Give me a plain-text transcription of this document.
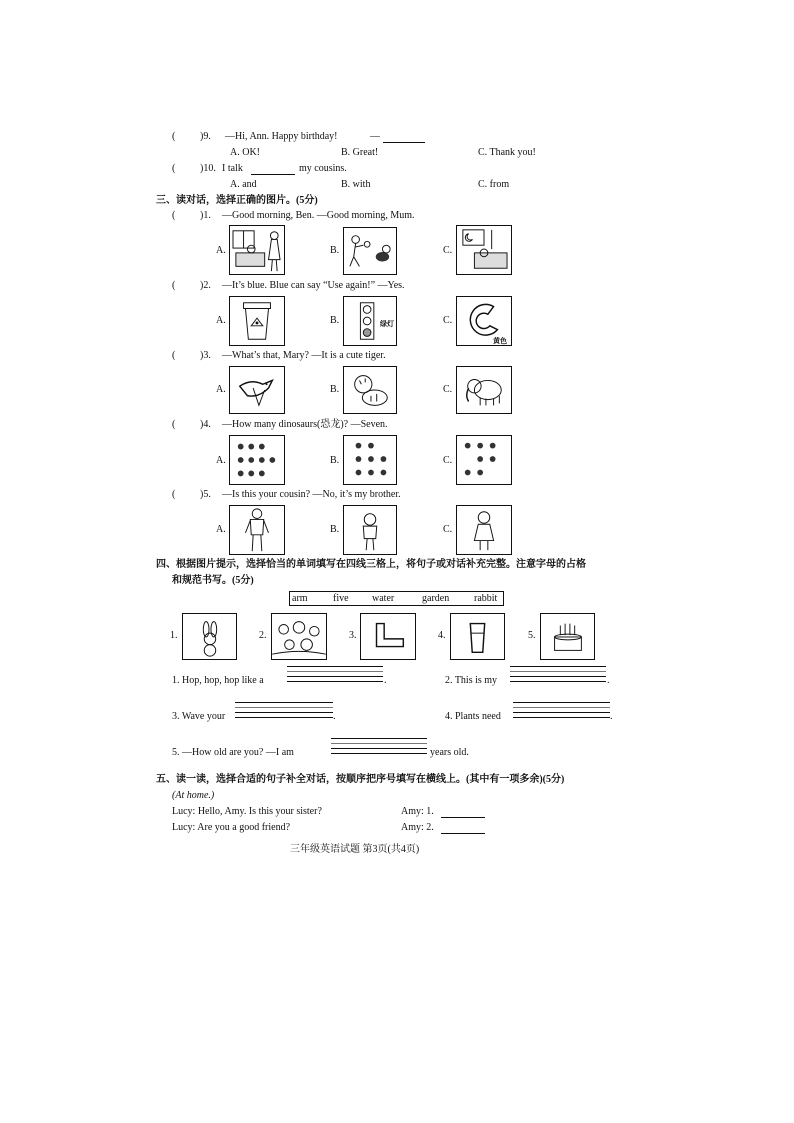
( )9. —Hi, Ann. Happy birthday!	—
A. OK!	B. Great!	C. Thank you!
( )10. I talk	my cousins.
A. and	B. with	C. from
三、读对话，选择正确的图片。(5分)
( )1. —Good morning, Ben. —Good morning, Mum.
A.	B.	C.
( )2. —It’s blue. Blue can say “Use again!” —Yes.
A.	B.	绿灯	C.
黄色
( )3. —What’s that, Mary? —It is a cute tiger.
A.	B.	C.
( )4. —How many dinosaurs(恐龙)? —Seven.
A.	B.	C.
( )5. —Is this your cousin? —No, it’s my brother.
A.	B.	C.
四、根据图片提示，选择恰当的单词填写在四线三格上，将句子或对话补充完整。注意字母的占格
和规范书写。(5分)
arm	five water	garden rabbit
1.	2.	3.	4.	5.
1. Hop, hop, hop like a	.	2. This is my	.
3. Wave your	.	4. Plants need	.
5. —How old are you? —I am	years old.
五、读一读，选择合适的句子补全对话，按顺序把序号填写在横线上。(其中有一项多余)(5分)
(At home.)
Lucy: Hello, Amy. Is this your sister?	Amy: 1.
Lucy: Are you a good friend?	Amy: 2.
三年级英语试题 第3页(共4页)
